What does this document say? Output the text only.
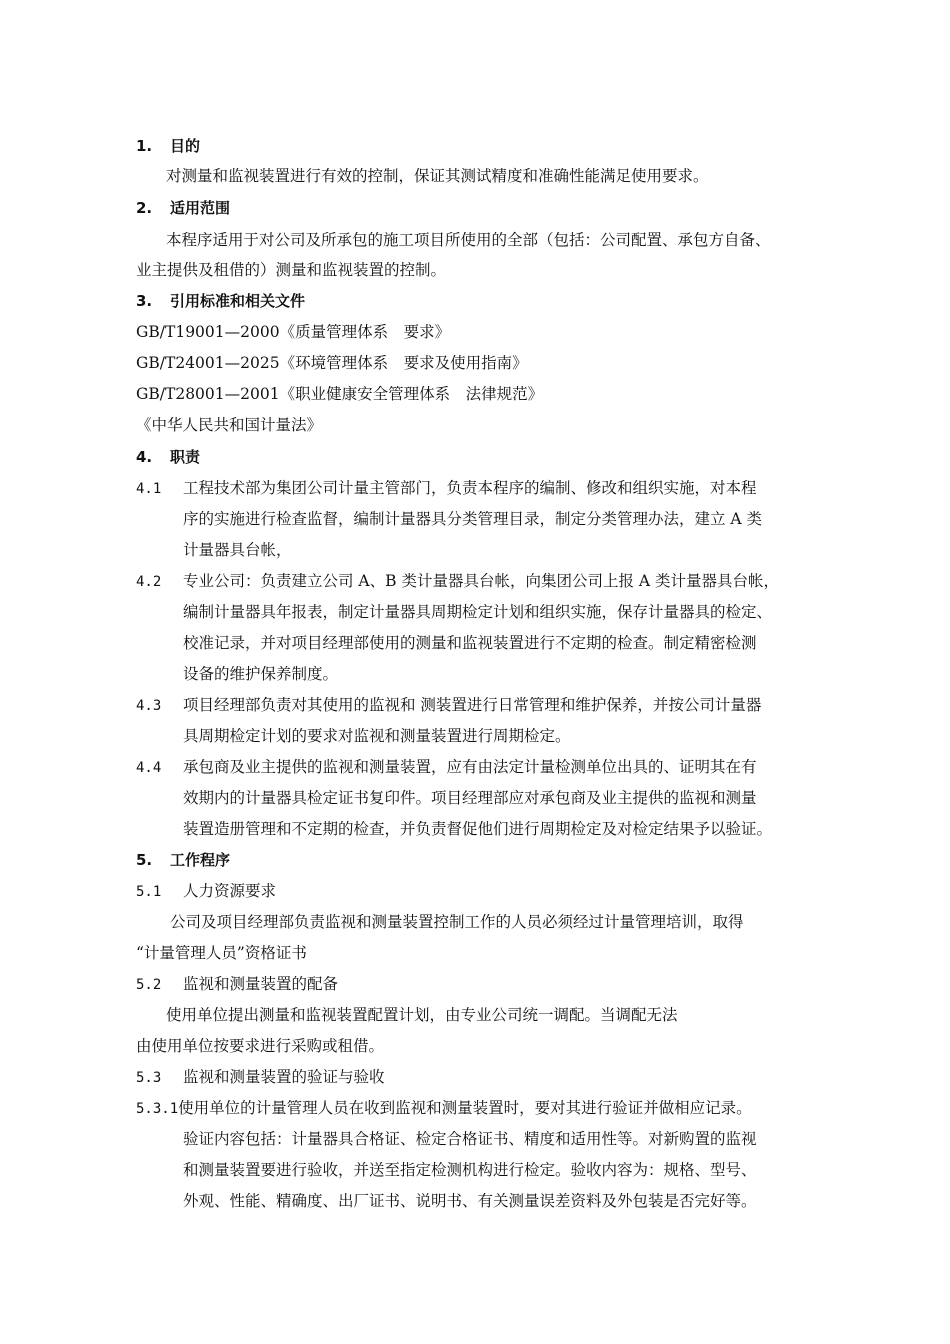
1. 目的
对测量和监视装置进行有效的控制，保证其测试精度和准确性能满足使用要求。
2. 适用范围
本程序适用于对公司及所承包的施工项目所使用的全部（包括：公司配置、承包方自备、
业主提供及租借的）测量和监视装置的控制。
3. 引用标准和相关文件
GB/T19001—2000《质量管理体系　要求》
GB/T24001—2025《环境管理体系　要求及使用指南》
GB/T28001—2001《职业健康安全管理体系　法律规范》
《中华人民共和国计量法》
4. 职责
4.1 工程技术部为集团公司计量主管部门，负责本程序的编制、修改和组织实施，对本程
序的实施进行检查监督，编制计量器具分类管理目录，制定分类管理办法，建立 A 类
计量器具台帐，
4.2 专业公司：负责建立公司 A、B 类计量器具台帐，向集团公司上报 A 类计量器具台帐，
编制计量器具年报表，制定计量器具周期检定计划和组织实施，保存计量器具的检定、
校准记录，并对项目经理部使用的测量和监视装置进行不定期的检查。制定精密检测
设备的维护保养制度。
4.3 项目经理部负责对其使用的监视和 测装置进行日常管理和维护保养，并按公司计量器
具周期检定计划的要求对监视和测量装置进行周期检定。
4.4 承包商及业主提供的监视和测量装置，应有由法定计量检测单位出具的、证明其在有
效期内的计量器具检定证书复印件。项目经理部应对承包商及业主提供的监视和测量
装置造册管理和不定期的检查，并负责督促他们进行周期检定及对检定结果予以验证。
5. 工作程序
5.1 人力资源要求
公司及项目经理部负责监视和测量装置控制工作的人员必须经过计量管理培训，取得
“计量管理人员”资格证书
5.2 监视和测量装置的配备
使用单位提出测量和监视装置配置计划，由专业公司统一调配。当调配无法
由使用单位按要求进行采购或租借。
5.3 监视和测量装置的验证与验收
5.3.1使用单位的计量管理人员在收到监视和测量装置时，要对其进行验证并做相应记录。
验证内容包括：计量器具合格证、检定合格证书、精度和适用性等。对新购置的监视
和测量装置要进行验收，并送至指定检测机构进行检定。验收内容为：规格、型号、
外观、性能、精确度、出厂证书、说明书、有关测量误差资料及外包装是否完好等。
